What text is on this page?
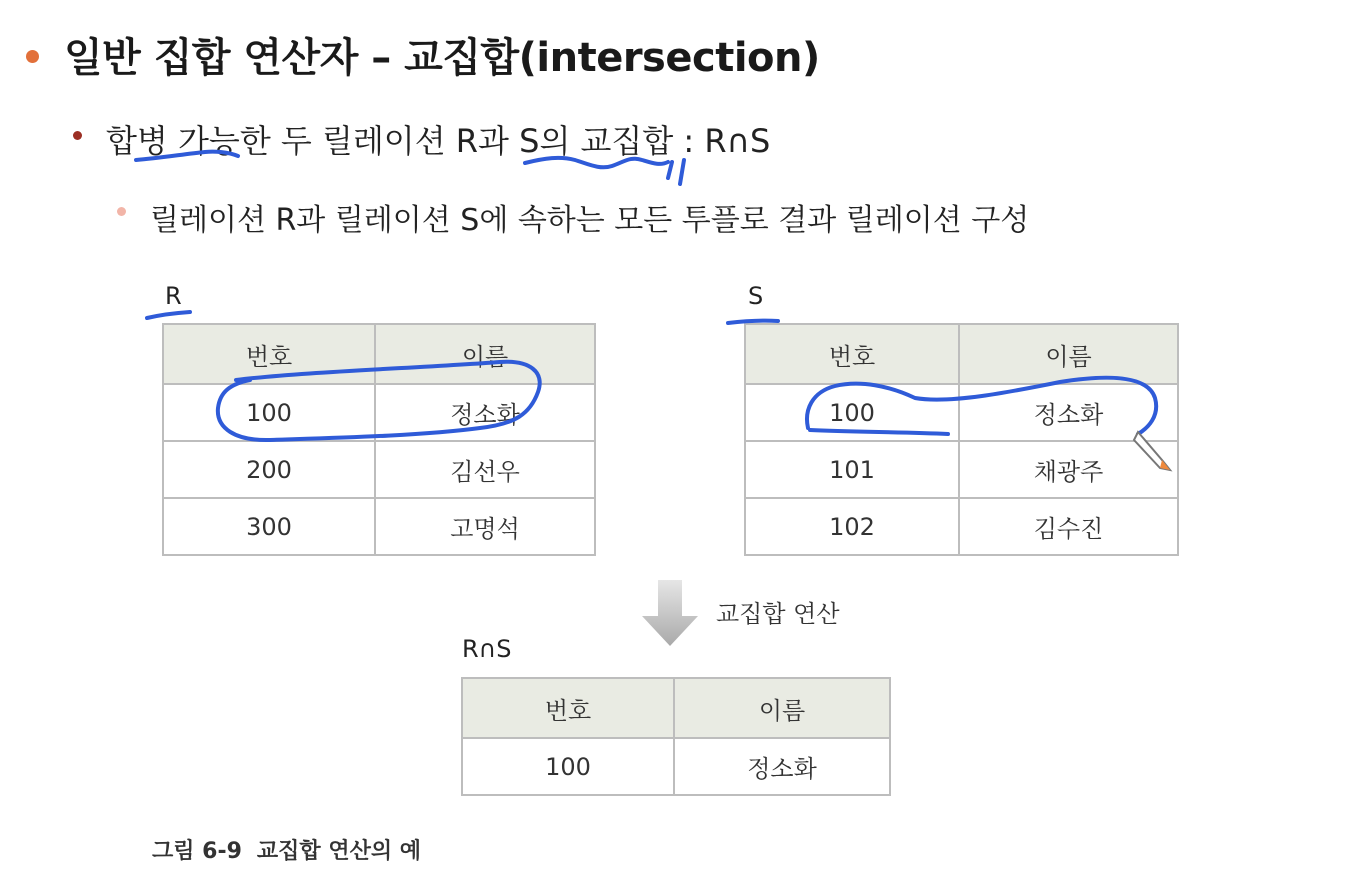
일반 집합 연산자 – 교집합(intersection)
합병 가능한 두 릴레이션 R과 S의 교집합 : R∩S
릴레이션 R과 릴레이션 S에 속하는 모든 투플로 결과 릴레이션 구성
R
번호	이름
100	정소화
200	김선우
300	고명석
S
번호	이름
100	정소화
101	채광주
102	김수진
교집합 연산
R∩S
번호	이름
100	정소화
그림 6-9 교집합 연산의 예
